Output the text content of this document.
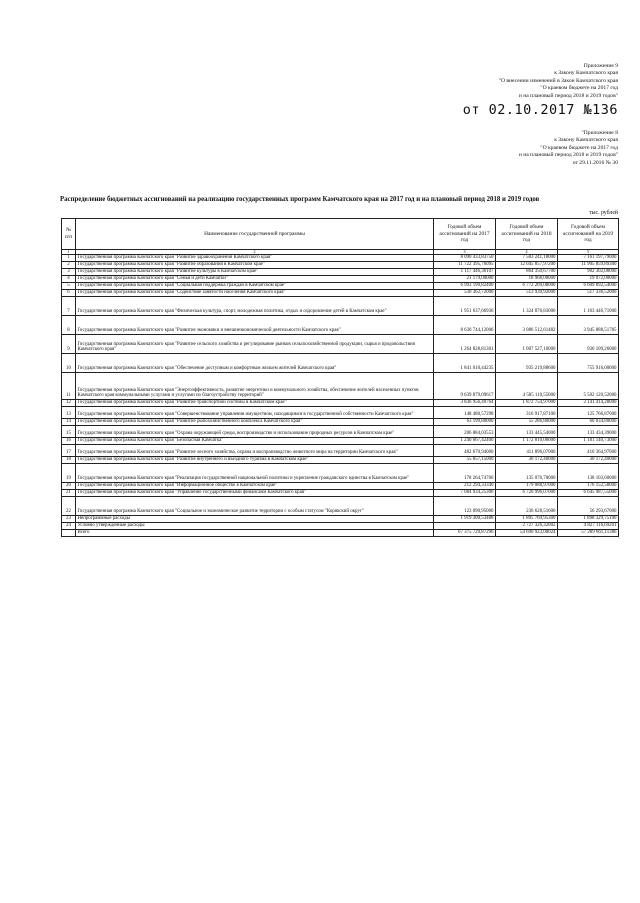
Приложение 9
к Закону Камчатского края
"О внесении изменений в Закон Камчатского края
"О краевом бюджете на 2017 год
и на плановый период 2018 и 2019 годов"
от 02.10.2017 №136
"Приложение 8
к Закону Камчатского края
"О краевом бюджете на 2017 год
и на плановый период 2018 и 2019 годов"
от 29.11.2016 № 30
Распределение бюджетных ассигнований на реализацию государственных программ Камчатского края на 2017 год и на плановый период 2018 и 2019 годов
тыс. рублей
№ п/п	Наименование государственной программы	Годовой объем ассигнований на 2017 год	Годовой объем ассигнований на 2018 год	Годовой объем ассигнований на 2019 год
1	2	3	4	5
1	Государственная программа Камчатского края "Развитие здравоохранения Камчатского края"	8 090 433,83750	7 583 241,18000	7 161 197,79000
2	Государственная программа Камчатского края "Развитие образования в Камчатском крае"	11 722 395,76095	12 045 857,97200	11 905 859,89300
3	Государственная программа Камчатского края "Развитие культуры в Камчатском крае"	1 117 446,36107	864 350,67700	902 302,08000
4	Государственная программа Камчатского края "Семья и дети Камчатки"	21 179,00000	18 968,00000	19 072,00000
5	Государственная программа Камчатского края "Социальная поддержка граждан в Камчатском крае"	6 993 190,82400	6 772 269,08000	6 609 892,54000
6	Государственная программа Камчатского края "Содействие занятости населения Камчатского края"	530 362,72000	513 939,92000	517 336,52000
7	Государственная программа Камчатского края "Физическая культура, спорт, молодежная политика, отдых и оздоровление детей в Камчатском крае"	1 951 637,66936	1 324 876,83000	1 163 446,71000
8	Государственная программа Камчатского края "Развитие экономики и внешнеэкономической деятельности Камчатского края"	8 630 744,12006	3 086 512,61482	3 945 888,51785
9	Государственная программа Камчатского края "Развитие сельского хозяйства и регулирование рынков сельскохозяйственной продукции, сырья и продовольствия Камчатского края"	1 264 828,81301	1 007 527,10000	936 109,26000
10	Государственная программа Камчатского края "Обеспечение доступным и комфортным жильем жителей Камчатского края"	1 841 010,44235	935 219,88600	755 916,00000
11	Государственная программа Камчатского края "Энергоэффективность, развитие энергетики и коммунального хозяйства, обеспечение жителей населенных пунктов Камчатского края коммунальными услугами и услугами по благоустройству территорий"	9 639 879,09617	4 585 110,55000	5 502 120,52000
12	Государственная программа Камчатского края "Развитие транспортной системы в Камчатском крае"	3 836 956,40764	1 872 754,97000	2 141 414,28000
13	Государственная программа Камчатского края "Совершенствование управления имуществом, находящимся в государственной собственности Камчатского края"	148 480,57298	316 917,87100	125 766,87000
14	Государственная программа Камчатского края "Развитие рыбохозяйственного комплекса Камчатского края"	63 199,80000	55 286,80000	60 034,80000
15	Государственная программа Камчатского края "Охрана окружающей среды, воспроизводство и использование природных ресурсов в Камчатском крае"	206 884,03553	133 445,54000	133 434,39000
16	Государственная программа Камчатского края "Безопасная Камчатка"	1 240 667,42400	1 172 810,00000	1 181 140,73000
17	Государственная программа Камчатского края "Развитие лесного хозяйства, охрана и воспроизводство животного мира на территории Камчатского края"	482 670,94000	411 896,07000	416 364,97000
18	Государственная программа Камчатского края "Развитие внутреннего и въездного туризма в Камчатском крае"	55 857,15000	30 172,40000	30 172,40000
19	Государственная программа Камчатского края "Реализация государственной национальной политики и укрепление гражданского единства в Камчатском крае"	178 264,74700	135 076,70000	138 103,60000
20	Государственная программа Камчатского края "Информационное общество в Камчатском крае"	212 294,33340	179 088,97000	176 152,58000
21	Государственная программа Камчатского края "Управление государственными финансами Камчатского края"	7 084 934,25306	6 720 996,07000	6 645 987,55000
22	Государственная программа Камчатского края "Социальное и экономическое развитие территории с особым статусом "Корякский округ"	123 090,95000	236 628,51600	56 293,67000
23	Непрограммные расходы	1 919 300,53488	1 895 769,95300	1 898 329,75100
24	Условно утвержденные расходы		2 727 326,32002	4 827 116,69201
	Всего	67 375 729,87296	54 690 923,00024	57 289 661,11386
·
